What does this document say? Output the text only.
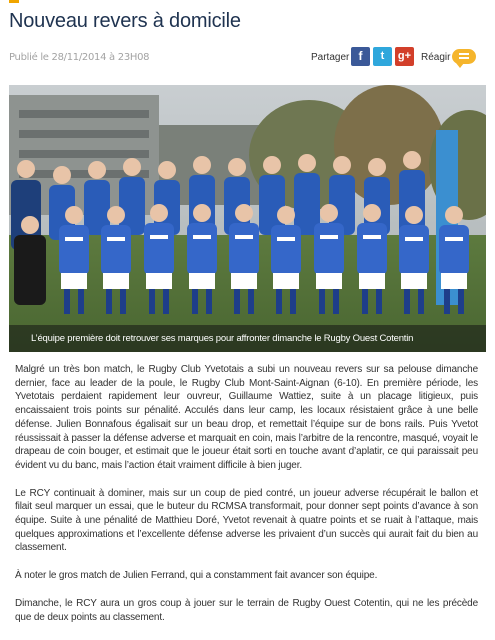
Nouveau revers à domicile
Publié le 28/11/2014 à 23H08	Partager f	t	g+ Réagir
L’équipe première doit retrouver ses marques pour affronter dimanche le Rugby Ouest Cotentin

Malgré un très bon match, le Rugby Club Yvetotais a subi un nouveau revers sur sa pelouse dimanche dernier, face au leader de la poule, le Rugby Club Mont-Saint-Aignan (6-10). En première période, les Yvetotais perdaient rapidement leur ouvreur, Guillaume Wattiez, suite à un placage litigieux, puis encaissaient trois points sur pénalité. Acculés dans leur camp, les locaux résistaient grâce à une belle défense. Julien Bonnafous égalisait sur un beau drop, et remettait l’équipe sur de bons rails. Puis Yvetot réussissait à passer la défense adverse et marquait en coin, mais l’arbitre de la rencontre, masqué, voyait le drapeau de coin bouger, et estimait que le joueur était sorti en touche avant d’aplatir, ce qui paraissait peu évident vu du banc, mais l’action était vraiment difficile à bien juger.

Le RCY continuait à dominer, mais sur un coup de pied contré, un joueur adverse récupérait le ballon et filait seul marquer un essai, que le buteur du RCMSA transformait, pour donner sept points d’avance à son équipe. Suite à une pénalité de Matthieu Doré, Yvetot revenait à quatre points et se ruait à l’attaque, mais quelques approximations et l’excellente défense adverse les privaient d’un succès qui aurait fait du bien au classement.

À noter le gros match de Julien Ferrand, qui a constamment fait avancer son équipe.

Dimanche, le RCY aura un gros coup à jouer sur le terrain de Rugby Ouest Cotentin, qui ne les précède que de deux points au classement.
